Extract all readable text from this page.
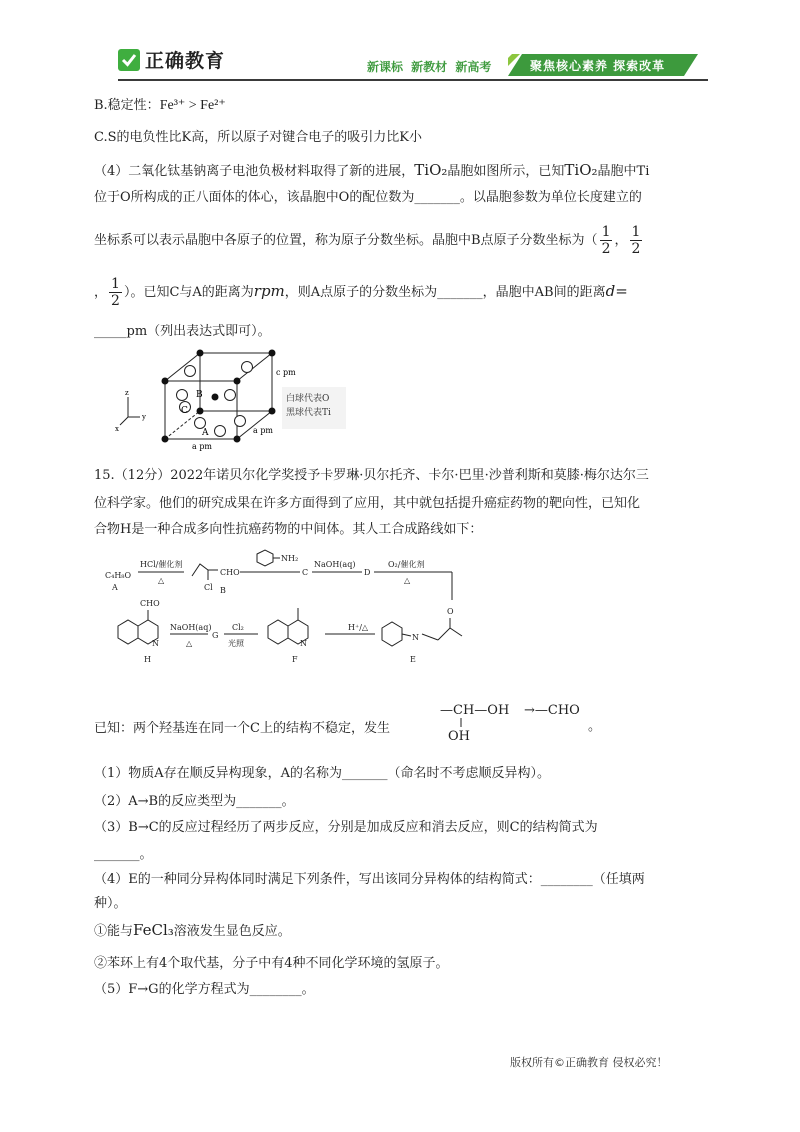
正确教育	新课标 新教材 新高考	聚焦核心素养 探索改革
B.稳定性：Fe³⁺ > Fe²⁺
C.S的电负性比K高，所以原子对键合电子的吸引力比K小
（4）二氧化钛基钠离子电池负极材料取得了新的进展，TiO₂晶胞如图所示，已知TiO₂晶胞中Ti
位于O所构成的正八面体的体心，该晶胞中O的配位数为_______。以晶胞参数为单位长度建立的
坐标系可以表示晶胞中各原子的位置，称为原子分数坐标。晶胞中B点原子分数坐标为（ $\frac{1}{2}$ ， $\frac{1}{2}$
， $\frac{1}{2}$ ）。已知C与A的距离为rpm，则A点原子的分数坐标为_______，晶胞中AB间的距离d=
_____pm（列出表达式即可）。
c pm
B
C
A
a pm
a pm
z
y
x
白球代表O
黑球代表Ti
15.（12分）2022年诺贝尔化学奖授予卡罗琳·贝尔托齐、卡尔·巴里·沙普利斯和莫膝·梅尔达尔三
位科学家。他们的研究成果在许多方面得到了应用，其中就包括提升癌症药物的靶向性，已知化
合物H是一种合成多向性抗癌药物的中间体。其人工合成路线如下：
C₄H₈O
A
HCl/催化剂
△
Cl
CHO
B
NH₂
C
NaOH(aq)
D
O₂/催化剂
△
O
N
E
H⁺/△
N
F
Cl₂
光照
G
NaOH(aq)
△
CHO
N
H
已知：两个羟基连在同一个C上的结构不稳定，发生
—CH—OH
OH
→—CHO
。
（1）物质A存在顺反异构现象，A的名称为_______（命名时不考虑顺反异构）。
（2）A→B的反应类型为_______。
（3）B→C的反应过程经历了两步反应，分别是加成反应和消去反应，则C的结构简式为
_______。
（4）E的一种同分异构体同时满足下列条件，写出该同分异构体的结构简式：________（任填两
种）。
①能与FeCl₃溶液发生显色反应。
②苯环上有4个取代基，分子中有4种不同化学环境的氢原子。
（5）F→G的化学方程式为________。
版权所有©正确教育 侵权必究！
